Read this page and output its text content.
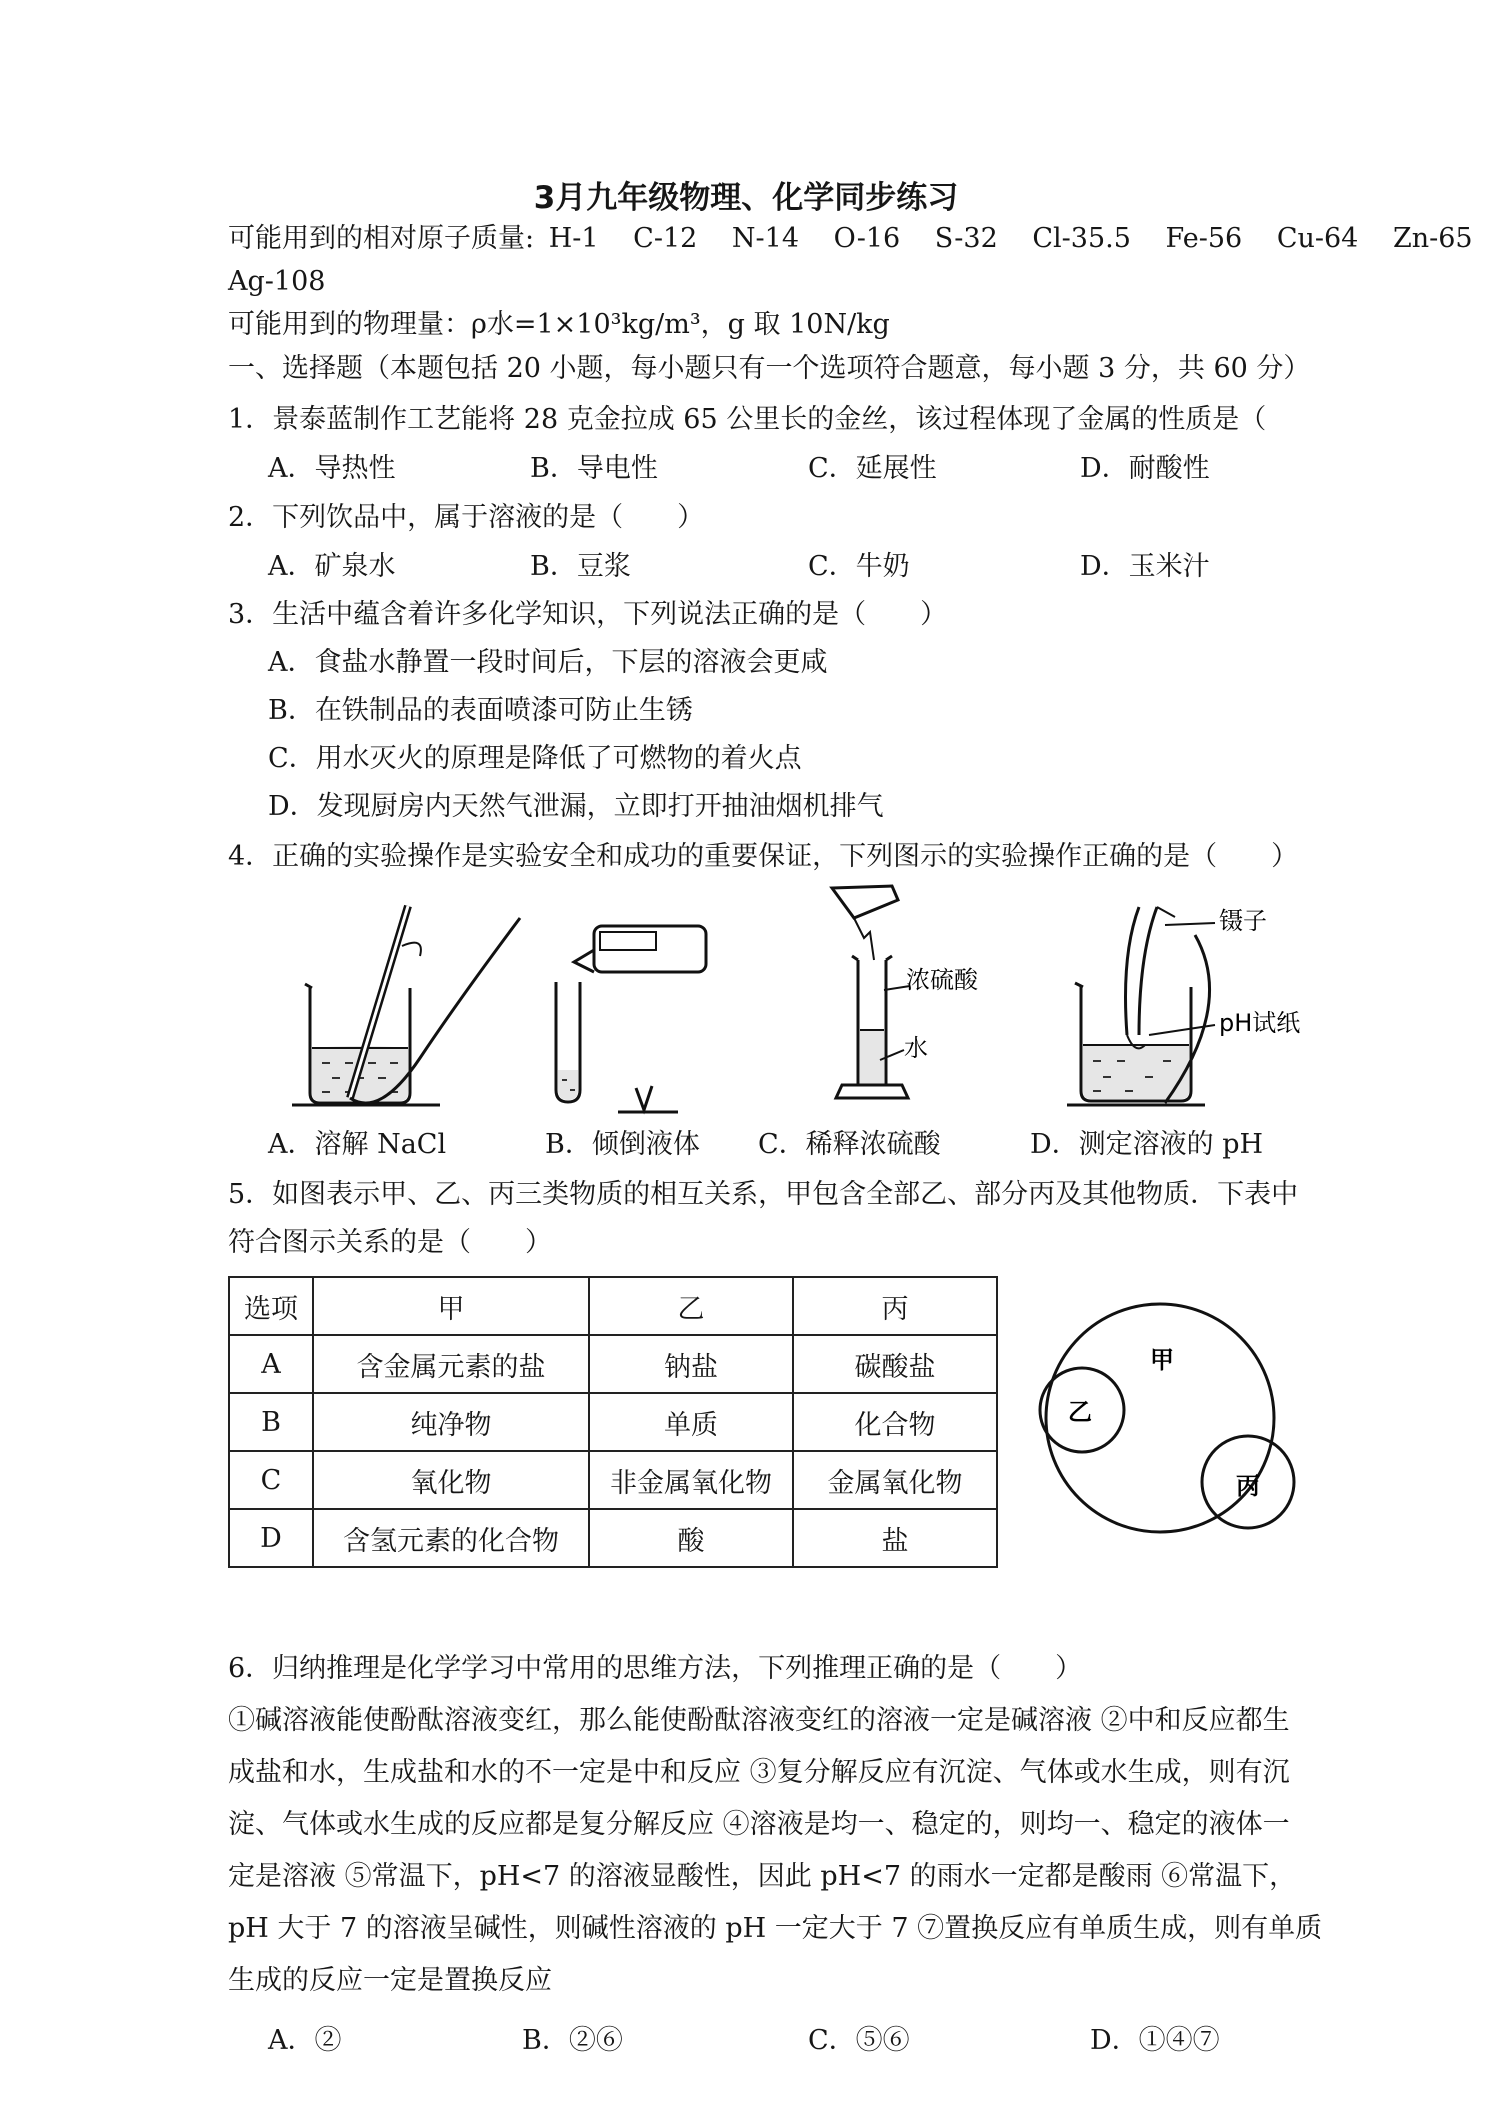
3月九年级物理、化学同步练习
可能用到的相对原子质量: H-1 C-12 N-14 O-16 S-32 Cl-35.5 Fe-56 Cu-64 Zn-65
Ag-108
可能用到的物理量：ρ水=1×10³kg/m³，g 取 10N/kg
一、选择题（本题包括 20 小题，每小题只有一个选项符合题意，每小题 3 分，共 60 分）
1．景泰蓝制作工艺能将 28 克金拉成 65 公里长的金丝，该过程体现了金属的性质是（
A．导热性	B．导电性	C．延展性	D．耐酸性
2．下列饮品中，属于溶液的是（　　）
A．矿泉水	B．豆浆	C．牛奶	D．玉米汁
3．生活中蕴含着许多化学知识，下列说法正确的是（　　）
A．食盐水静置一段时间后，下层的溶液会更咸
B．在铁制品的表面喷漆可防止生锈
C．用水灭火的原理是降低了可燃物的着火点
D．发现厨房内天然气泄漏，立即打开抽油烟机排气
4．正确的实验操作是实验安全和成功的重要保证，下列图示的实验操作正确的是（　　）
浓硫酸
水
镊子
pH试纸
A．溶解 NaCl	B．倾倒液体 C．稀释浓硫酸	D．测定溶液的 pH
5．如图表示甲、乙、丙三类物质的相互关系，甲包含全部乙、部分丙及其他物质．下表中
符合图示关系的是（　　）
选项	甲	乙	丙
A	含金属元素的盐	钠盐	碳酸盐
B	纯净物	单质	化合物
C	氧化物	非金属氧化物	金属氧化物
D	含氢元素的化合物	酸	盐
甲
乙
丙
6．归纳推理是化学学习中常用的思维方法，下列推理正确的是（　　）
①碱溶液能使酚酞溶液变红，那么能使酚酞溶液变红的溶液一定是碱溶液 ②中和反应都生
成盐和水，生成盐和水的不一定是中和反应 ③复分解反应有沉淀、气体或水生成，则有沉
淀、气体或水生成的反应都是复分解反应 ④溶液是均一、稳定的，则均一、稳定的液体一
定是溶液 ⑤常温下，pH<7 的溶液显酸性，因此 pH<7 的雨水一定都是酸雨 ⑥常温下，
pH 大于 7 的溶液呈碱性，则碱性溶液的 pH 一定大于 7 ⑦置换反应有单质生成，则有单质
生成的反应一定是置换反应
A．②	B．②⑥	C．⑤⑥	D．①④⑦
